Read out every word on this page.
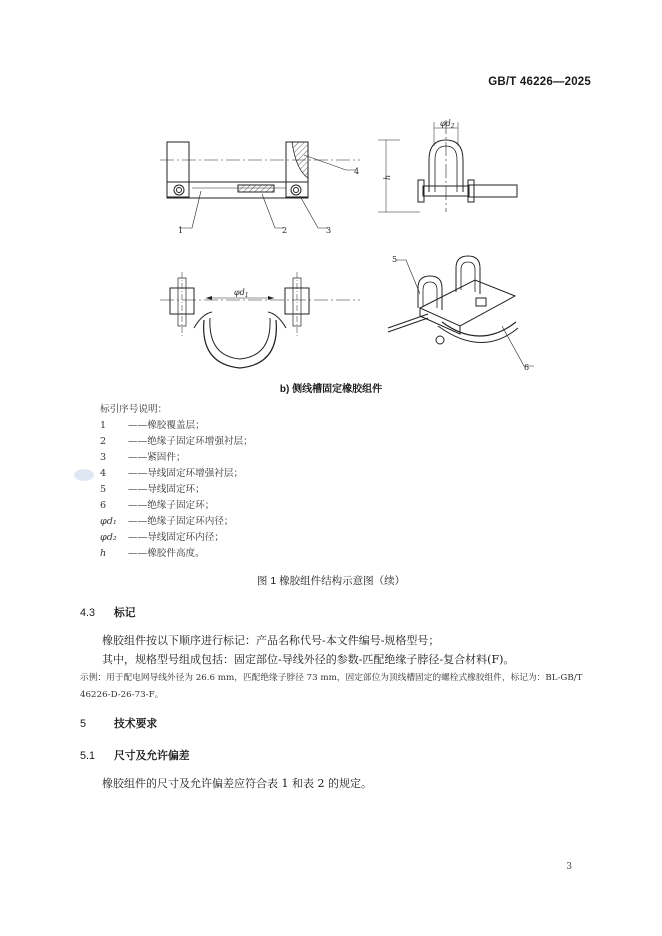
GB/T 46226—2025
1	2	3
4
5
6
$\varphi d_2$
$\varphi d_1$
h
b) 侧线槽固定橡胶组件
标引序号说明：
1 ——橡胶覆盖层；
2 ——绝缘子固定环增强衬层；
3 ——紧固件；
4 ——导线固定环增强衬层；
5 ——导线固定环；
6 ——绝缘子固定环；
φd₁ ——绝缘子固定环内径；
φd₂ ——导线固定环内径；
h ——橡胶件高度。
图 1 橡胶组件结构示意图（续）
4.3 标记
橡胶组件按以下顺序进行标记：产品名称代号-本文件编号-规格型号；
其中，规格型号组成包括：固定部位-导线外径的参数-匹配绝缘子脖径-复合材料(F)。
示例：用于配电网导线外径为 26.6 mm，匹配绝缘子脖径 73 mm，固定部位为顶线槽固定的螺栓式橡胶组件，标记为：BL-GB/T 46226-D-26-73-F。
5	技术要求
5.1 尺寸及允许偏差
橡胶组件的尺寸及允许偏差应符合表 1 和表 2 的规定。
3
